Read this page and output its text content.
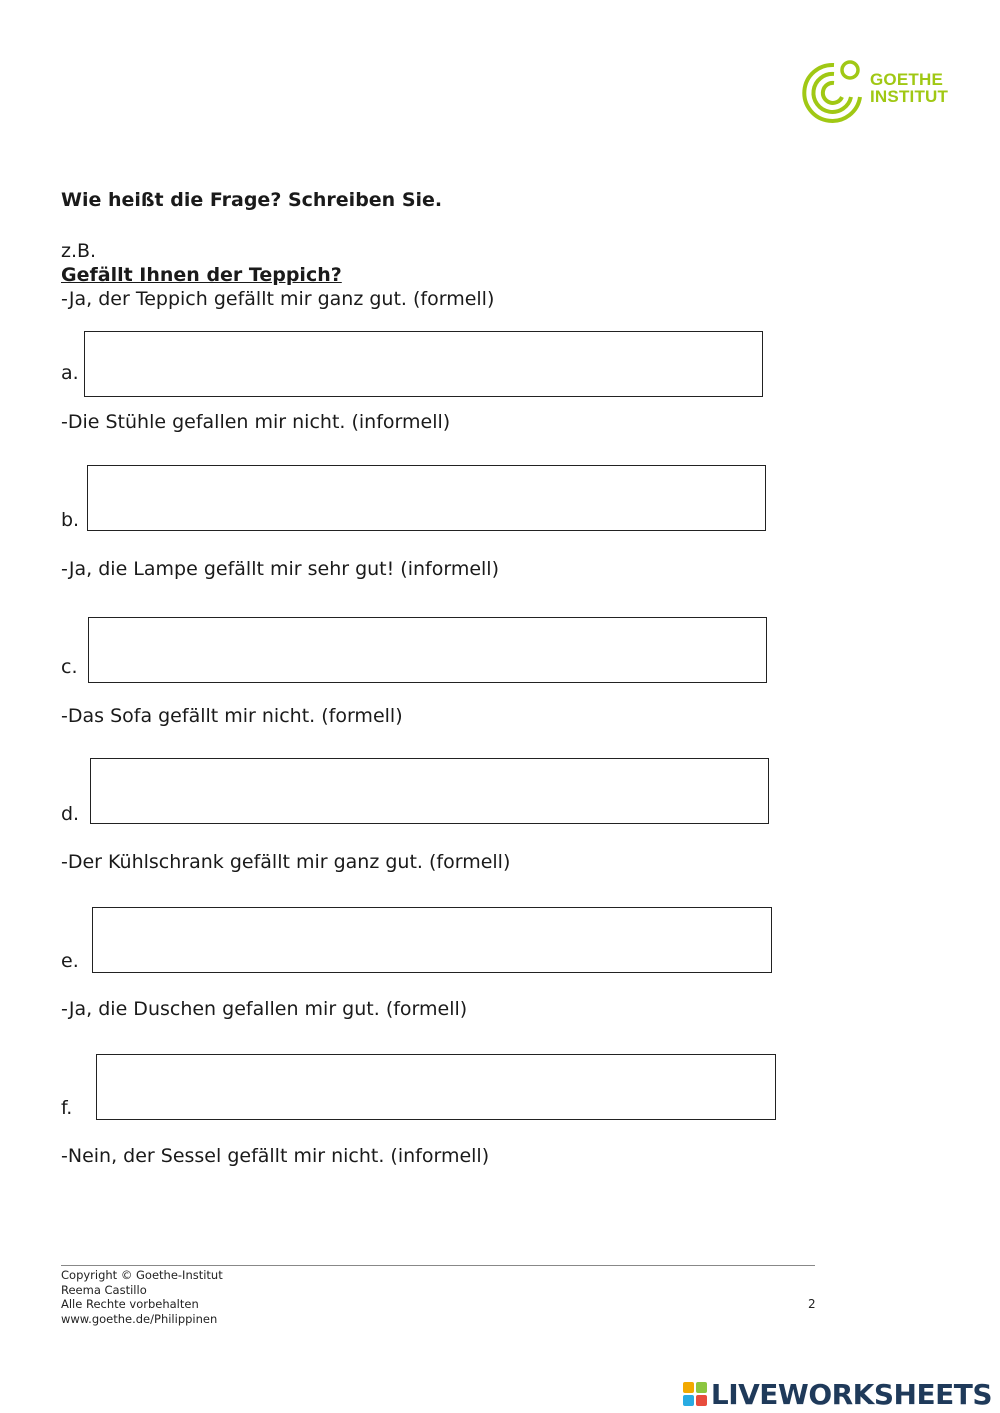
GOETHE
INSTITUT
Wie heißt die Frage? Schreiben Sie.
z.B.
Gefällt Ihnen der Teppich?
-Ja, der Teppich gefällt mir ganz gut. (formell)
a.
-Die Stühle gefallen mir nicht. (informell)
b.
-Ja, die Lampe gefällt mir sehr gut! (informell)
c.
-Das Sofa gefällt mir nicht. (formell)
d.
-Der Kühlschrank gefällt mir ganz gut. (formell)
e.
-Ja, die Duschen gefallen mir gut. (formell)
f.
-Nein, der Sessel gefällt mir nicht. (informell)
Copyright © Goethe-Institut
Reema Castillo
Alle Rechte vorbehalten
www.goethe.de/Philippinen
2
LIVEWORKSHEETS
